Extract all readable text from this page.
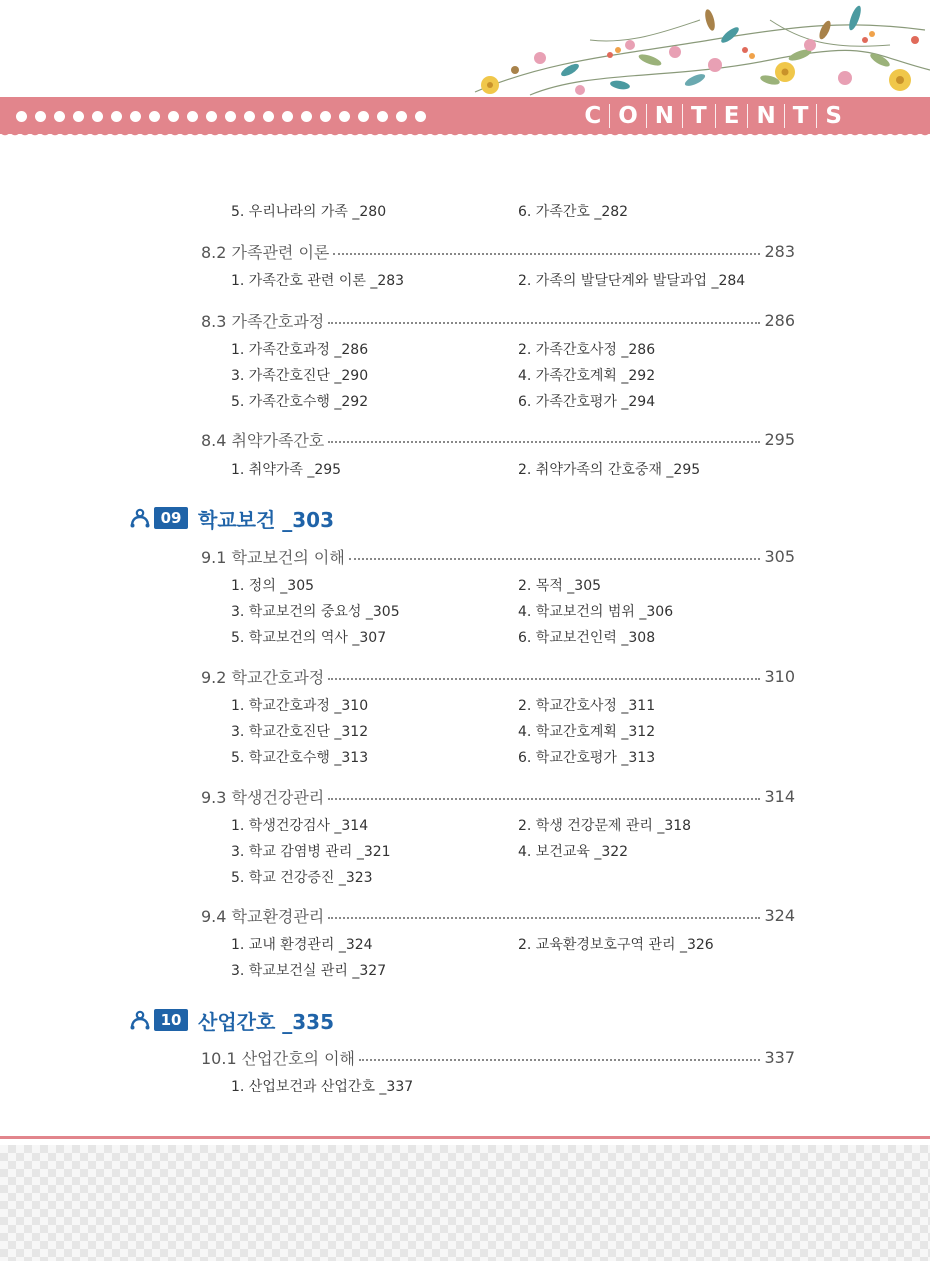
C O N T E N T S
5. 우리나라의 가족 _280	6. 가족간호 _282
8.2 가족관련 이론	283
1. 가족간호 관련 이론 _283	2. 가족의 발달단계와 발달과업 _284
8.3 가족간호과정	286
1. 가족간호과정 _286	2. 가족간호사정 _286
3. 가족간호진단 _290	4. 가족간호계획 _292
5. 가족간호수행 _292	6. 가족간호평가 _294
8.4 취약가족간호	295
1. 취약가족 _295	2. 취약가족의 간호중재 _295
09 학교보건 _303
9.1 학교보건의 이해	305
1. 정의 _305	2. 목적 _305
3. 학교보건의 중요성 _305	4. 학교보건의 범위 _306
5. 학교보건의 역사 _307	6. 학교보건인력 _308
9.2 학교간호과정	310
1. 학교간호과정 _310	2. 학교간호사정 _311
3. 학교간호진단 _312	4. 학교간호계획 _312
5. 학교간호수행 _313	6. 학교간호평가 _313
9.3 학생건강관리	314
1. 학생건강검사 _314	2. 학생 건강문제 관리 _318
3. 학교 감염병 관리 _321	4. 보건교육 _322
5. 학교 건강증진 _323
9.4 학교환경관리	324
1. 교내 환경관리 _324	2. 교육환경보호구역 관리 _326
3. 학교보건실 관리 _327
10 산업간호 _335
10.1 산업간호의 이해	337
1. 산업보건과 산업간호 _337
